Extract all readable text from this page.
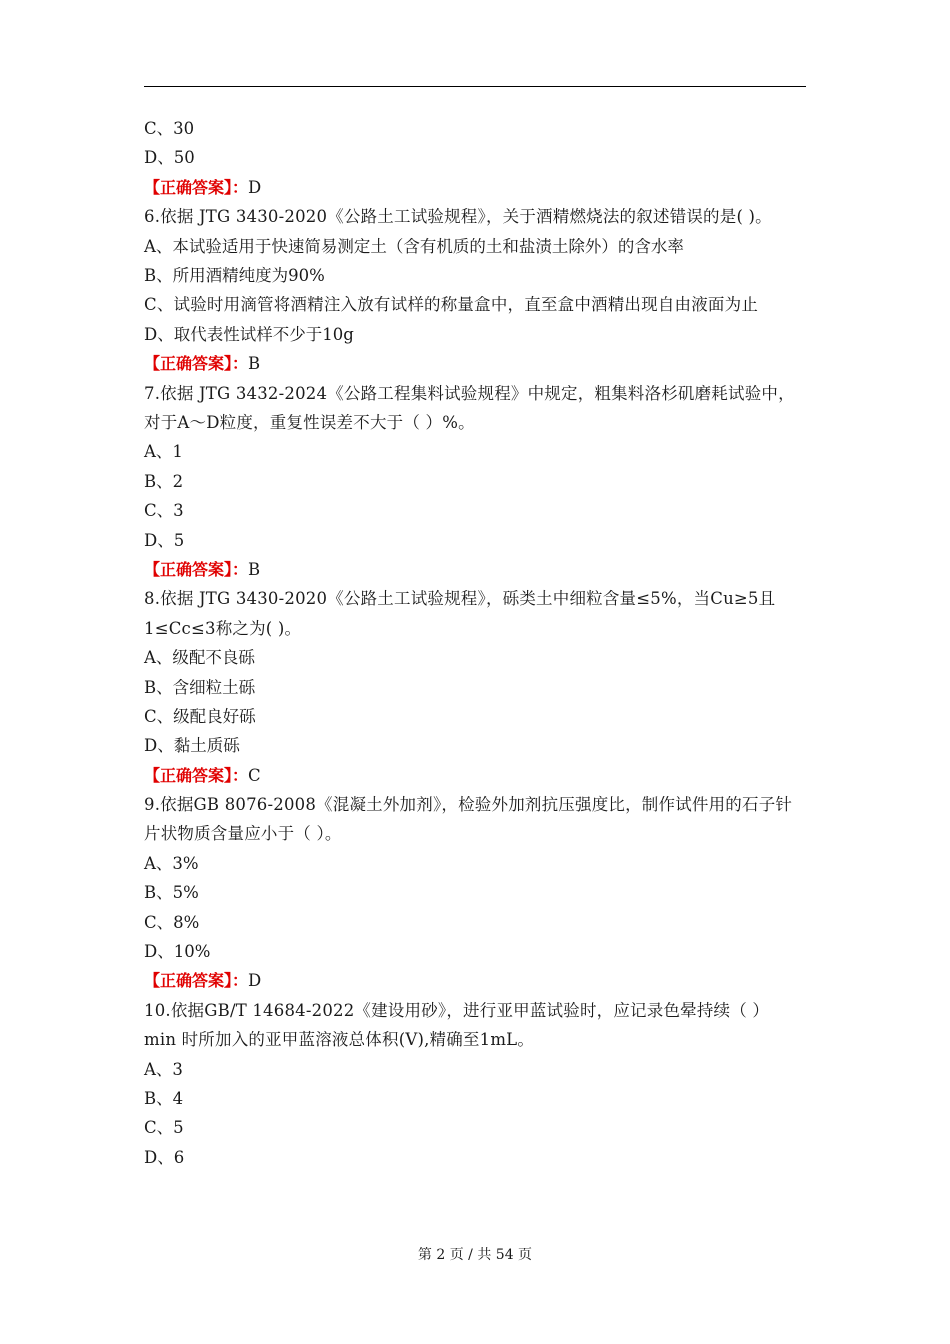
C、30
D、50
【正确答案】：D
6.依据 JTG 3430-2020《公路土工试验规程》，关于酒精燃烧法的叙述错误的是( )。
A、本试验适用于快速简易测定土（含有机质的土和盐渍土除外）的含水率
B、所用酒精纯度为90%
C、试验时用滴管将酒精注入放有试样的称量盒中，直至盒中酒精出现自由液面为止
D、取代表性试样不少于10g
【正确答案】：B
7.依据 JTG 3432-2024《公路工程集料试验规程》中规定，粗集料洛杉矶磨耗试验中，对于A～D粒度，重复性误差不大于（ ）%。
A、1
B、2
C、3
D、5
【正确答案】：B
8.依据 JTG 3430-2020《公路土工试验规程》，砾类土中细粒含量≤5%，当Cu≥5且1≤Cc≤3称之为( )。
A、级配不良砾
B、含细粒土砾
C、级配良好砾
D、黏土质砾
【正确答案】：C
9.依据GB 8076-2008《混凝土外加剂》，检验外加剂抗压强度比，制作试件用的石子针片状物质含量应小于（ ）。
A、3%
B、5%
C、8%
D、10%
【正确答案】：D
10.依据GB/T 14684-2022《建设用砂》，进行亚甲蓝试验时，应记录色晕持续（ ） min 时所加入的亚甲蓝溶液总体积(V),精确至1mL。
A、3
B、4
C、5
D、6
第 2 页 / 共 54 页
